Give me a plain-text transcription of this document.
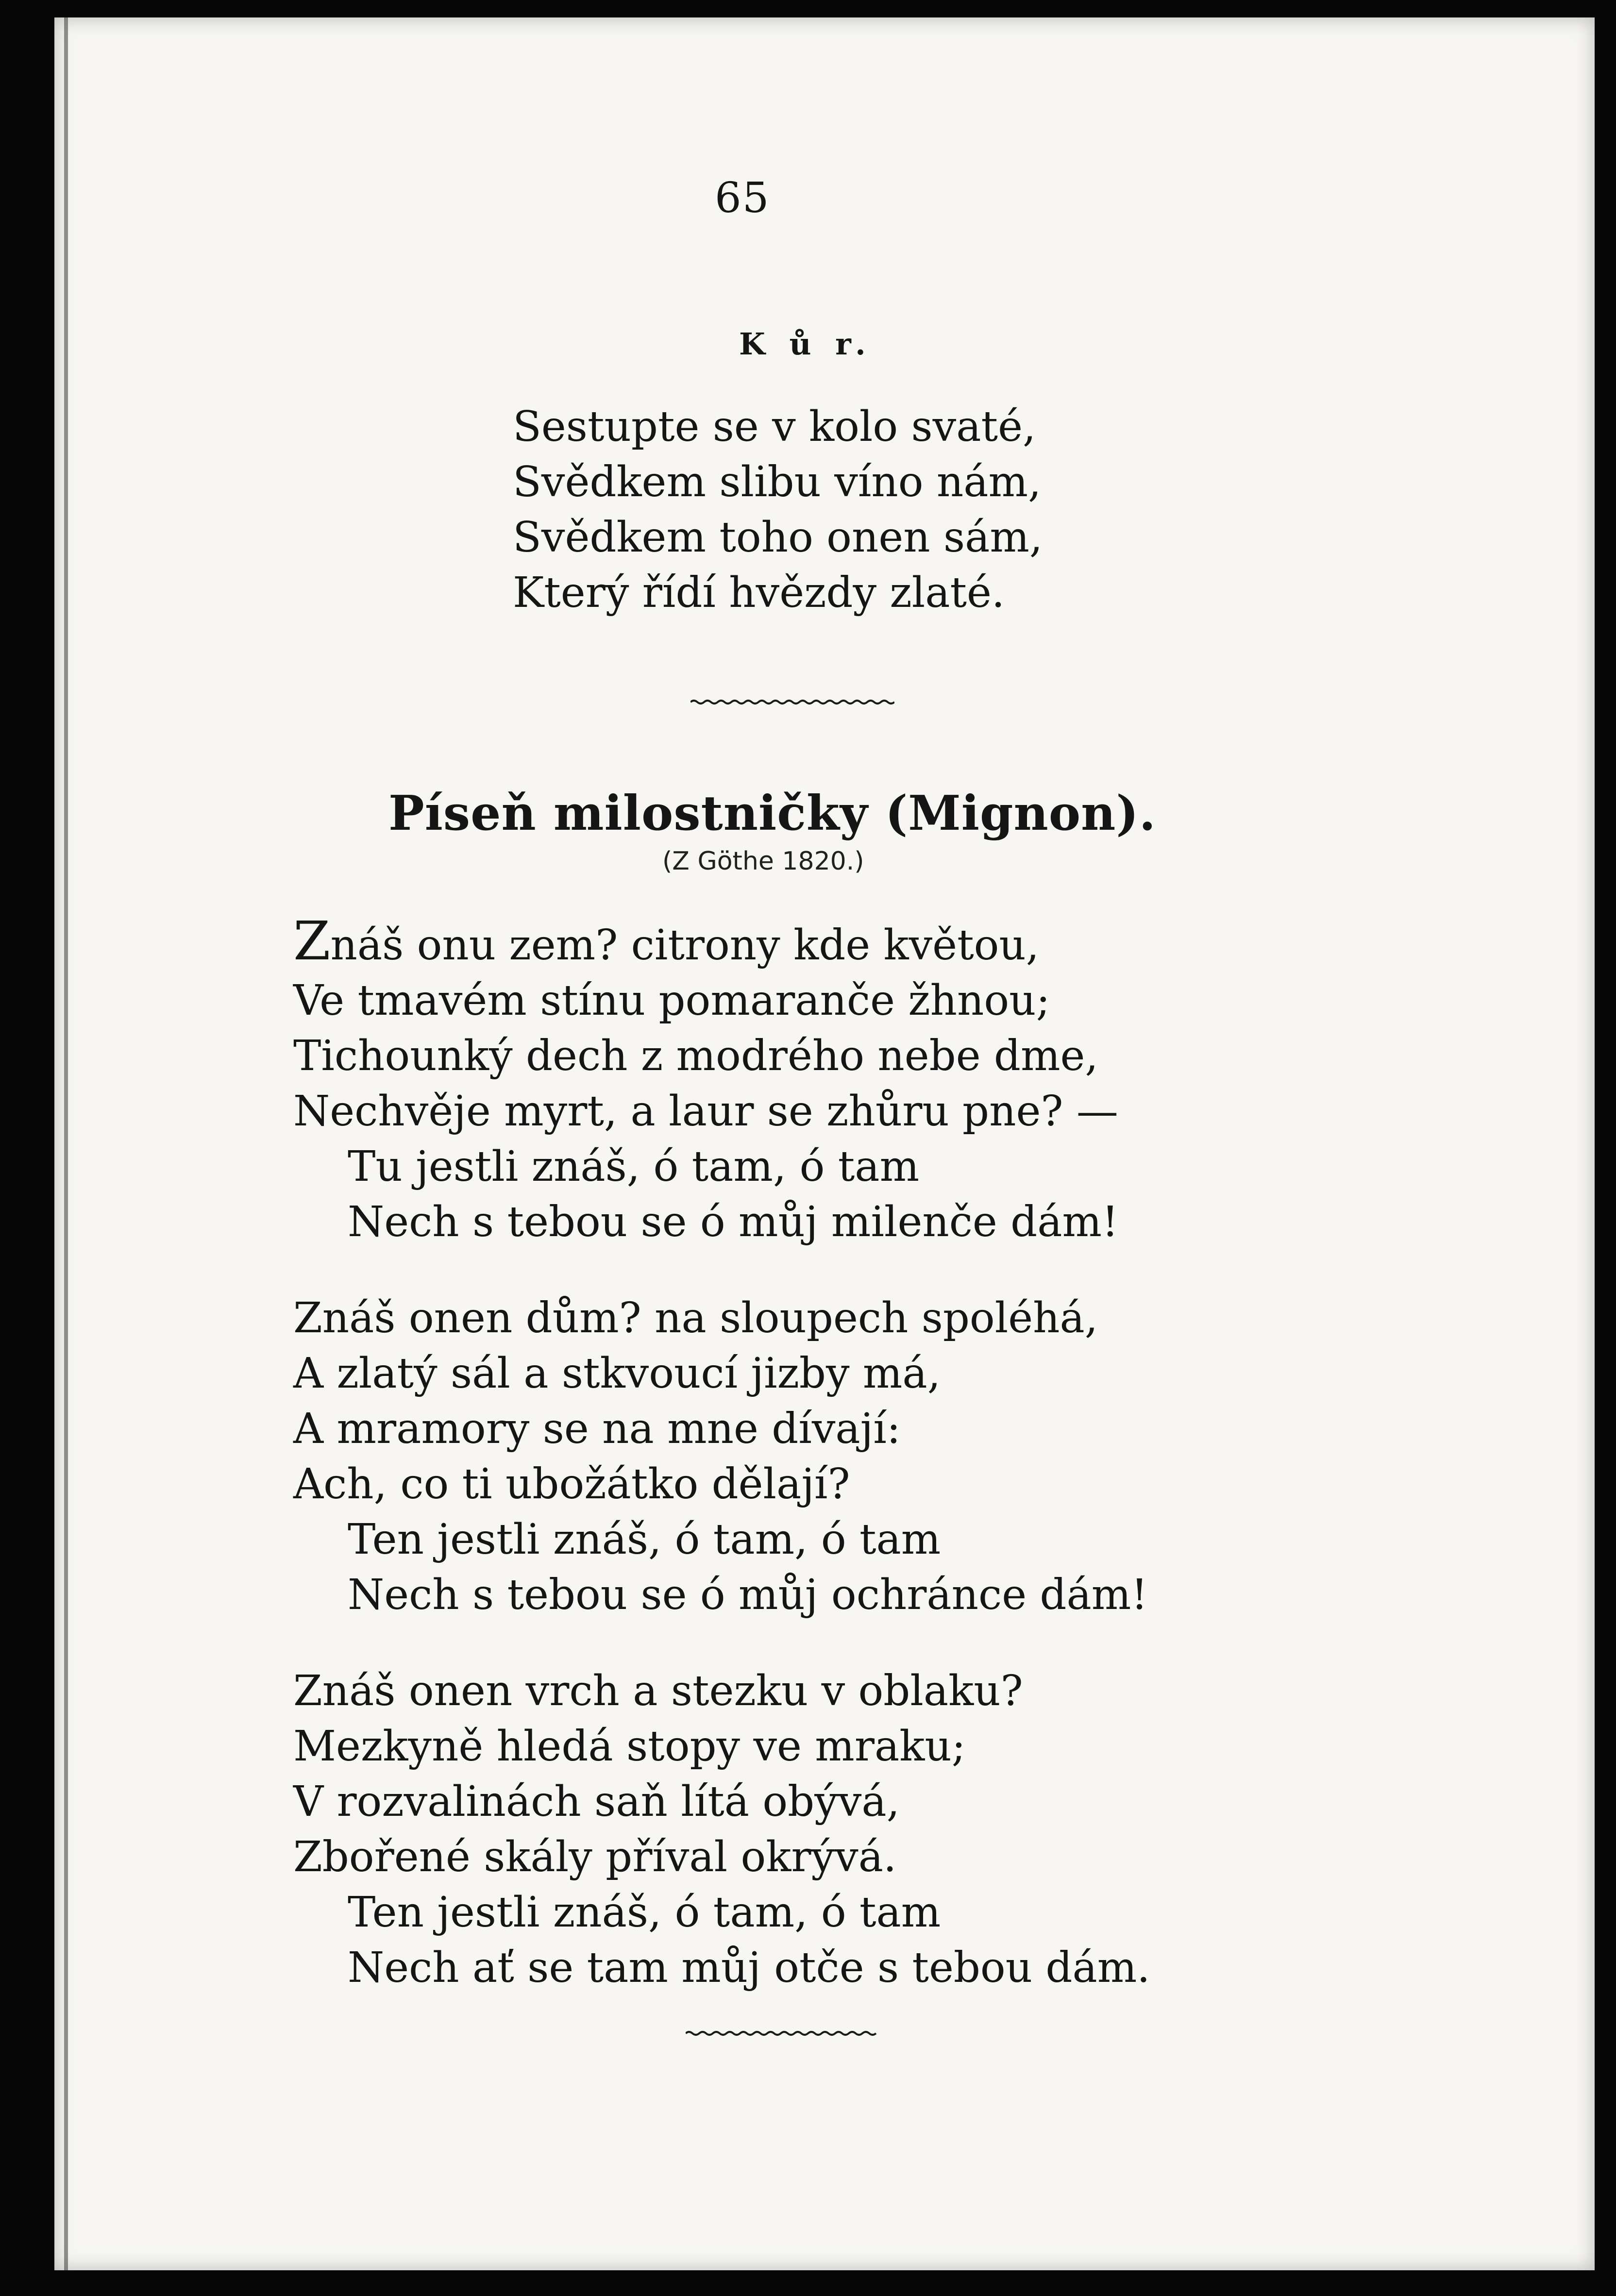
65
K ů r.
Sestupte se v kolo svaté,
Svědkem slibu víno nám,
Svědkem toho onen sám,
Který řídí hvězdy zlaté.
Píseň milostničky (Mignon).
(Z Göthe 1820.)
Znáš onu zem? citrony kde květou,
Ve tmavém stínu pomaranče žhnou;
Tichounký dech z modrého nebe dme,
Nechvěje myrt, a laur se zhůru pne? —
Tu jestli znáš, ó tam, ó tam
Nech s tebou se ó můj milenče dám!
Znáš onen dům? na sloupech spoléhá,
A zlatý sál a stkvoucí jizby má,
A mramory se na mne dívají:
Ach, co ti ubožátko dělají?
Ten jestli znáš, ó tam, ó tam
Nech s tebou se ó můj ochránce dám!
Znáš onen vrch a stezku v oblaku?
Mezkyně hledá stopy ve mraku;
V rozvalinách saň lítá obývá,
Zbořené skály příval okrývá.
Ten jestli znáš, ó tam, ó tam
Nech ať se tam můj otče s tebou dám.
